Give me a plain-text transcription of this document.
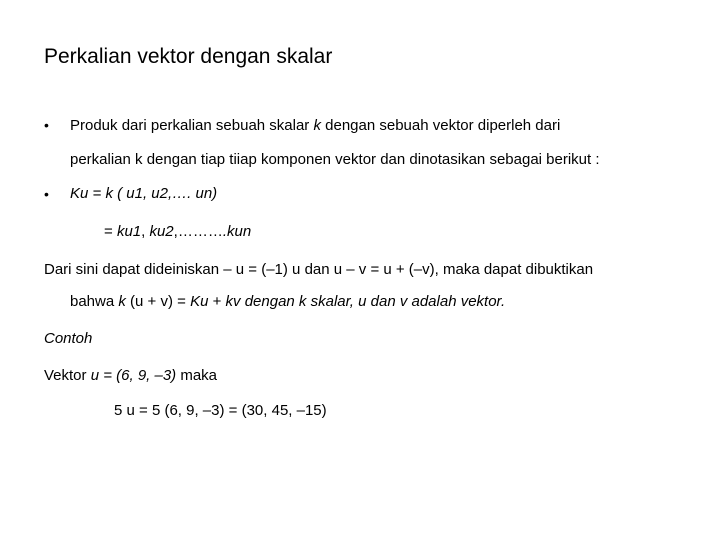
Perkalian vektor dengan skalar
• Produk dari perkalian sebuah skalar k dengan sebuah vektor diperleh dari
perkalian k dengan tiap tiiap komponen vektor dan dinotasikan sebagai berikut :
• Ku = k ( u1, u2,…. un)
= ku1, ku2,……….kun
Dari sini dapat dideiniskan – u = (–1) u dan u – v = u + (–v), maka dapat dibuktikan
bahwa k (u + v) = Ku + kv dengan k skalar, u dan v adalah vektor.
Contoh
Vektor u = (6, 9, –3) maka
5 u = 5 (6, 9, –3) = (30, 45, –15)
